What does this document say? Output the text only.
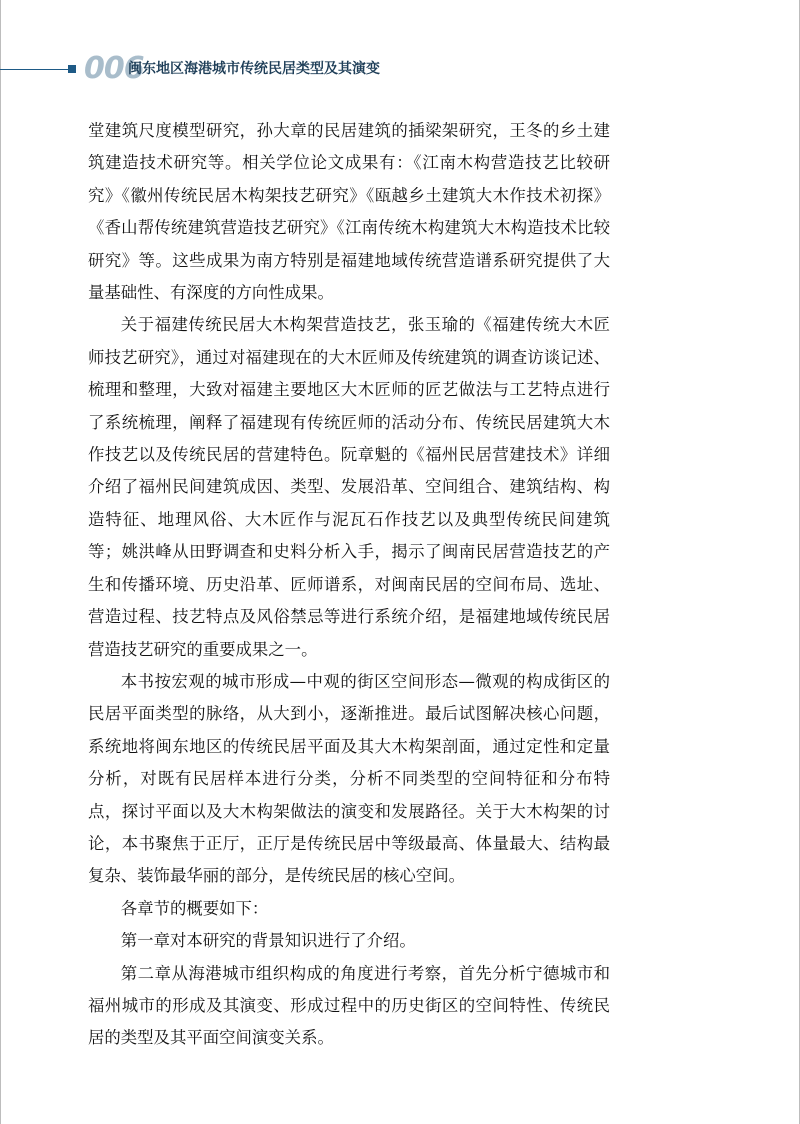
006
闽东地区海港城市传统民居类型及其演变

堂建筑尺度模型研究，孙大章的民居建筑的插梁架研究，王冬的乡土建筑建造技术研究等。相关学位论文成果有：《江南木构营造技艺比较研究》《徽州传统民居木构架技艺研究》《瓯越乡土建筑大木作技术初探》《香山帮传统建筑营造技艺研究》《江南传统木构建筑大木构造技术比较研究》等。这些成果为南方特别是福建地域传统营造谱系研究提供了大量基础性、有深度的方向性成果。

关于福建传统民居大木构架营造技艺，张玉瑜的《福建传统大木匠师技艺研究》，通过对福建现在的大木匠师及传统建筑的调查访谈记述、梳理和整理，大致对福建主要地区大木匠师的匠艺做法与工艺特点进行了系统梳理，阐释了福建现有传统匠师的活动分布、传统民居建筑大木作技艺以及传统民居的营建特色。阮章魁的《福州民居营建技术》详细介绍了福州民间建筑成因、类型、发展沿革、空间组合、建筑结构、构造特征、地理风俗、大木匠作与泥瓦石作技艺以及典型传统民间建筑等；姚洪峰从田野调查和史料分析入手，揭示了闽南民居营造技艺的产生和传播环境、历史沿革、匠师谱系，对闽南民居的空间布局、选址、营造过程、技艺特点及风俗禁忌等进行系统介绍，是福建地域传统民居营造技艺研究的重要成果之一。

本书按宏观的城市形成—中观的街区空间形态—微观的构成街区的民居平面类型的脉络，从大到小，逐渐推进。最后试图解决核心问题，系统地将闽东地区的传统民居平面及其大木构架剖面，通过定性和定量分析，对既有民居样本进行分类，分析不同类型的空间特征和分布特点，探讨平面以及大木构架做法的演变和发展路径。关于大木构架的讨论，本书聚焦于正厅，正厅是传统民居中等级最高、体量最大、结构最复杂、装饰最华丽的部分，是传统民居的核心空间。

各章节的概要如下：

第一章对本研究的背景知识进行了介绍。

第二章从海港城市组织构成的角度进行考察，首先分析宁德城市和福州城市的形成及其演变、形成过程中的历史街区的空间特性、传统民居的类型及其平面空间演变关系。
